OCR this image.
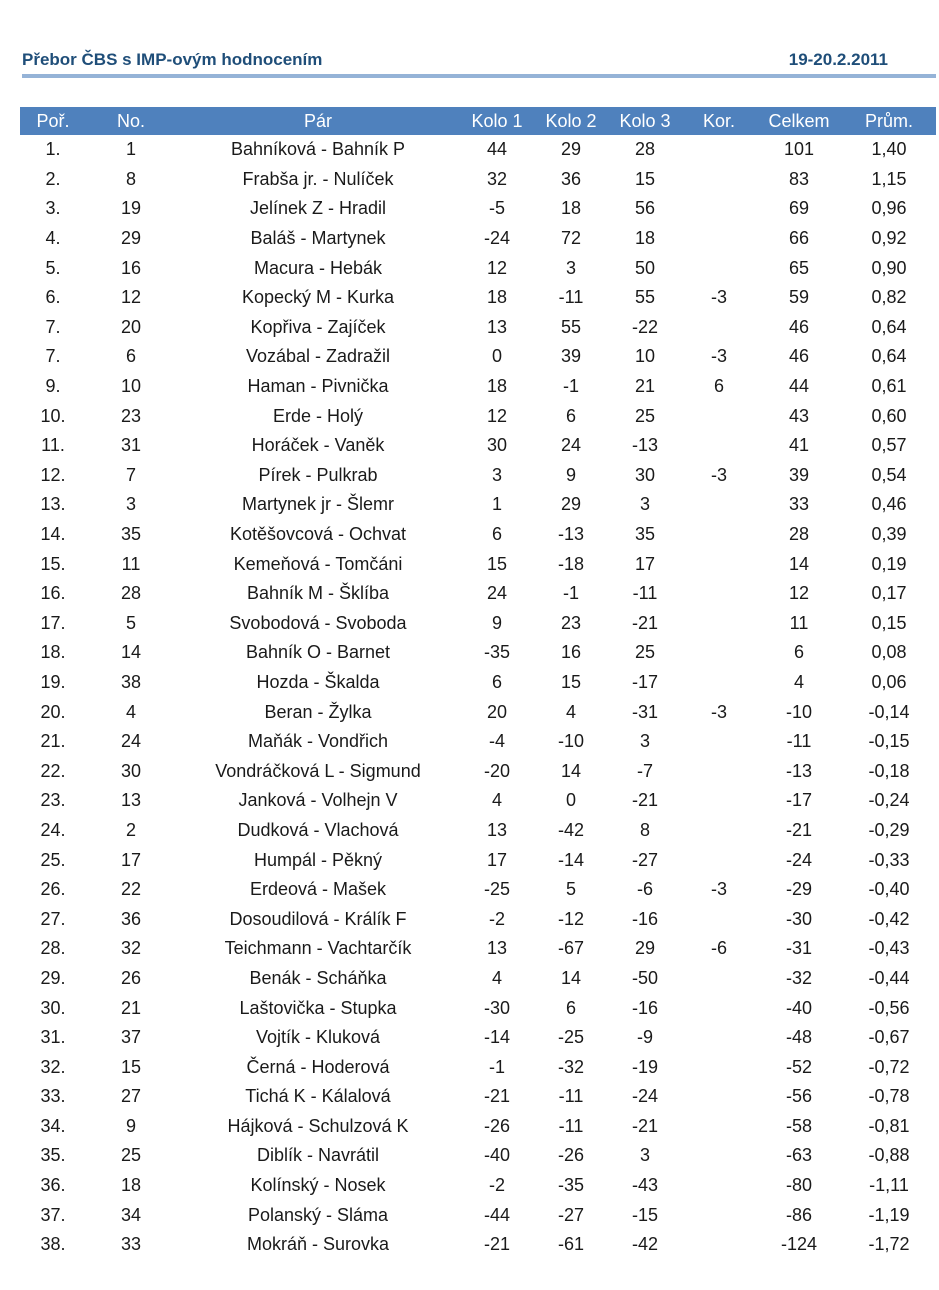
Přebor ČBS s IMP-ovým hodnocením	19-20.2.2011
Poř.	No.	Pár	Kolo 1	Kolo 2	Kolo 3	Kor.	Celkem	Prům.
1.	1	Bahníková - Bahník P	44	29	28		101	1,40
2.	8	Frabša jr. - Nulíček	32	36	15		83	1,15
3.	19	Jelínek Z - Hradil	-5	18	56		69	0,96
4.	29	Baláš - Martynek	-24	72	18		66	0,92
5.	16	Macura - Hebák	12	3	50		65	0,90
6.	12	Kopecký M - Kurka	18	-11	55	-3	59	0,82
7.	20	Kopřiva - Zajíček	13	55	-22		46	0,64
7.	6	Vozábal - Zadražil	0	39	10	-3	46	0,64
9.	10	Haman - Pivnička	18	-1	21	6	44	0,61
10.	23	Erde - Holý	12	6	25		43	0,60
11.	31	Horáček - Vaněk	30	24	-13		41	0,57
12.	7	Pírek - Pulkrab	3	9	30	-3	39	0,54
13.	3	Martynek jr - Šlemr	1	29	3		33	0,46
14.	35	Kotěšovcová - Ochvat	6	-13	35		28	0,39
15.	11	Kemeňová - Tomčáni	15	-18	17		14	0,19
16.	28	Bahník M - Šklíba	24	-1	-11		12	0,17
17.	5	Svobodová - Svoboda	9	23	-21		11	0,15
18.	14	Bahník O - Barnet	-35	16	25		6	0,08
19.	38	Hozda - Škalda	6	15	-17		4	0,06
20.	4	Beran - Žylka	20	4	-31	-3	-10	-0,14
21.	24	Maňák - Vondřich	-4	-10	3		-11	-0,15
22.	30	Vondráčková L - Sigmund	-20	14	-7		-13	-0,18
23.	13	Janková - Volhejn V	4	0	-21		-17	-0,24
24.	2	Dudková - Vlachová	13	-42	8		-21	-0,29
25.	17	Humpál - Pěkný	17	-14	-27		-24	-0,33
26.	22	Erdeová - Mašek	-25	5	-6	-3	-29	-0,40
27.	36	Dosoudilová - Králík F	-2	-12	-16		-30	-0,42
28.	32	Teichmann - Vachtarčík	13	-67	29	-6	-31	-0,43
29.	26	Benák - Scháňka	4	14	-50		-32	-0,44
30.	21	Laštovička - Stupka	-30	6	-16		-40	-0,56
31.	37	Vojtík - Kluková	-14	-25	-9		-48	-0,67
32.	15	Černá - Hoderová	-1	-32	-19		-52	-0,72
33.	27	Tichá K - Kálalová	-21	-11	-24		-56	-0,78
34.	9	Hájková - Schulzová K	-26	-11	-21		-58	-0,81
35.	25	Diblík - Navrátil	-40	-26	3		-63	-0,88
36.	18	Kolínský - Nosek	-2	-35	-43		-80	-1,11
37.	34	Polanský - Sláma	-44	-27	-15		-86	-1,19
38.	33	Mokráň - Surovka	-21	-61	-42		-124	-1,72
